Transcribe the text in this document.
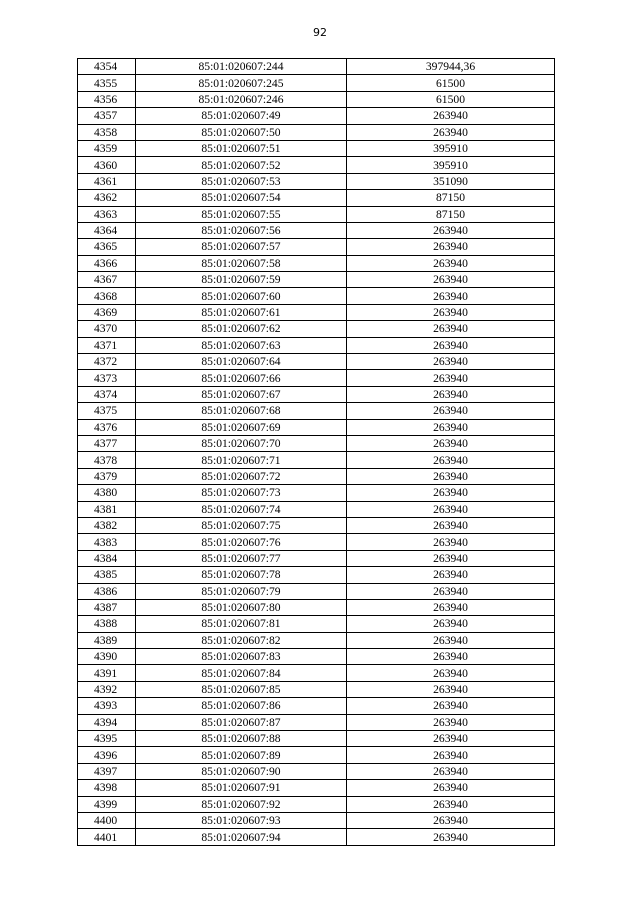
92
4354	85:01:020607:244	397944,36
4355	85:01:020607:245	61500
4356	85:01:020607:246	61500
4357	85:01:020607:49	263940
4358	85:01:020607:50	263940
4359	85:01:020607:51	395910
4360	85:01:020607:52	395910
4361	85:01:020607:53	351090
4362	85:01:020607:54	87150
4363	85:01:020607:55	87150
4364	85:01:020607:56	263940
4365	85:01:020607:57	263940
4366	85:01:020607:58	263940
4367	85:01:020607:59	263940
4368	85:01:020607:60	263940
4369	85:01:020607:61	263940
4370	85:01:020607:62	263940
4371	85:01:020607:63	263940
4372	85:01:020607:64	263940
4373	85:01:020607:66	263940
4374	85:01:020607:67	263940
4375	85:01:020607:68	263940
4376	85:01:020607:69	263940
4377	85:01:020607:70	263940
4378	85:01:020607:71	263940
4379	85:01:020607:72	263940
4380	85:01:020607:73	263940
4381	85:01:020607:74	263940
4382	85:01:020607:75	263940
4383	85:01:020607:76	263940
4384	85:01:020607:77	263940
4385	85:01:020607:78	263940
4386	85:01:020607:79	263940
4387	85:01:020607:80	263940
4388	85:01:020607:81	263940
4389	85:01:020607:82	263940
4390	85:01:020607:83	263940
4391	85:01:020607:84	263940
4392	85:01:020607:85	263940
4393	85:01:020607:86	263940
4394	85:01:020607:87	263940
4395	85:01:020607:88	263940
4396	85:01:020607:89	263940
4397	85:01:020607:90	263940
4398	85:01:020607:91	263940
4399	85:01:020607:92	263940
4400	85:01:020607:93	263940
4401	85:01:020607:94	263940
